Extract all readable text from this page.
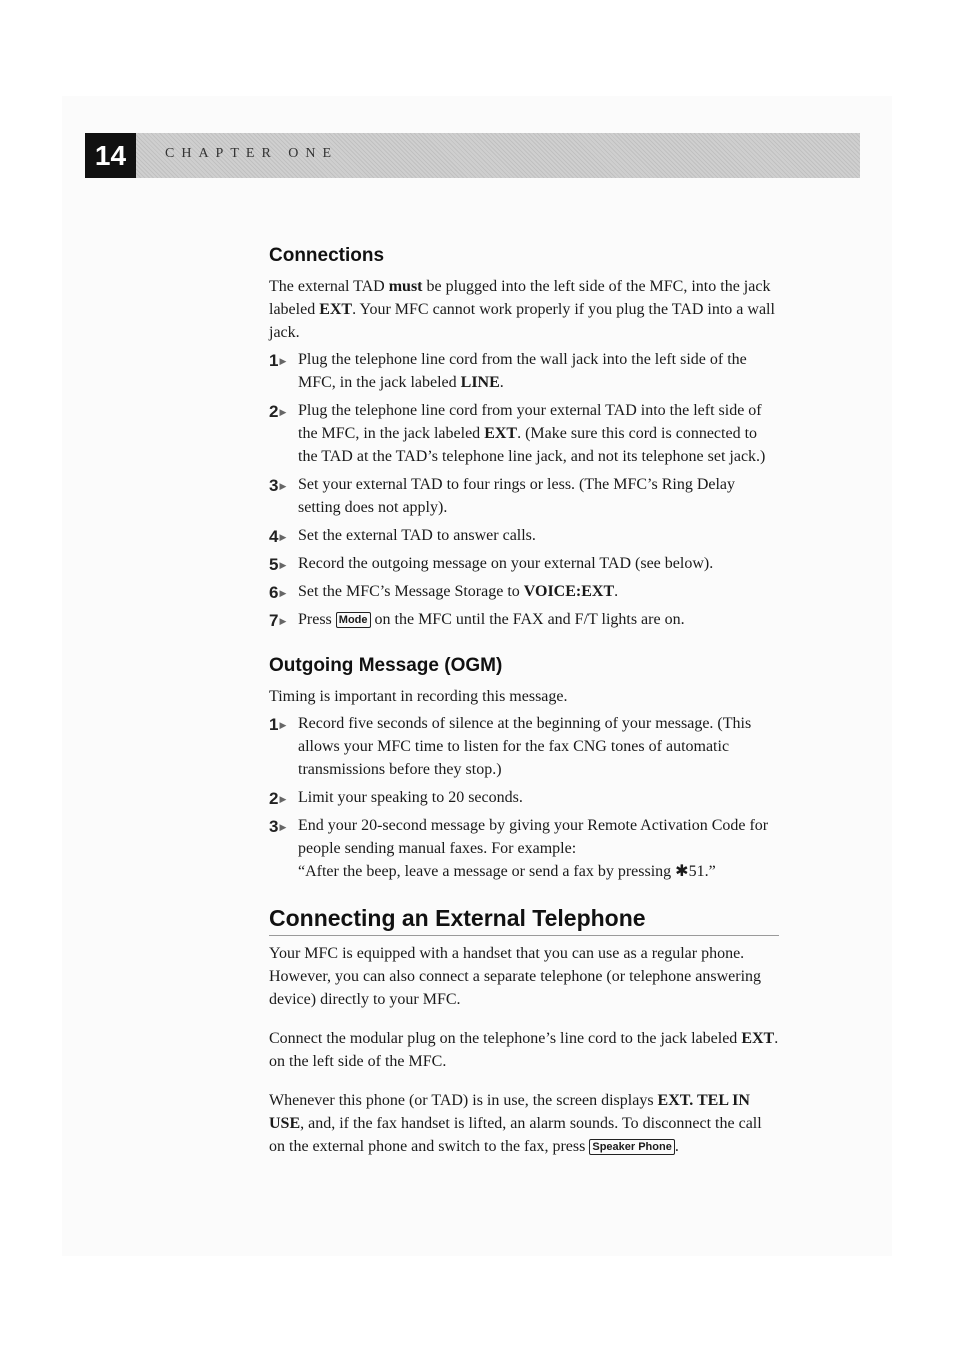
14	CHAPTER ONE
Connections

The external TAD must be plugged into the left side of the MFC, into the jack labeled EXT. Your MFC cannot work properly if you plug the TAD into a wall jack.

1▶ Plug the telephone line cord from the wall jack into the left side of the MFC, in the jack labeled LINE.
2▶ Plug the telephone line cord from your external TAD into the left side of the MFC, in the jack labeled EXT. (Make sure this cord is connected to the TAD at the TAD’s telephone line jack, and not its telephone set jack.)
3▶ Set your external TAD to four rings or less. (The MFC’s Ring Delay setting does not apply).
4▶ Set the external TAD to answer calls.
5▶ Record the outgoing message on your external TAD (see below).
6▶ Set the MFC’s Message Storage to VOICE:EXT.
7▶ Press Mode on the MFC until the FAX and F/T lights are on.
Outgoing Message (OGM)

Timing is important in recording this message.

1▶ Record five seconds of silence at the beginning of your message. (This allows your MFC time to listen for the fax CNG tones of automatic transmissions before they stop.)
2▶ Limit your speaking to 20 seconds.
3▶ End your 20-second message by giving your Remote Activation Code for people sending manual faxes. For example:
“After the beep, leave a message or send a fax by pressing ✱51.”
Connecting an External Telephone

Your MFC is equipped with a handset that you can use as a regular phone. However, you can also connect a separate telephone (or telephone answering device) directly to your MFC.

Connect the modular plug on the telephone’s line cord to the jack labeled EXT. on the left side of the MFC.

Whenever this phone (or TAD) is in use, the screen displays EXT. TEL IN USE, and, if the fax handset is lifted, an alarm sounds. To disconnect the call on the external phone and switch to the fax, press Speaker Phone .
